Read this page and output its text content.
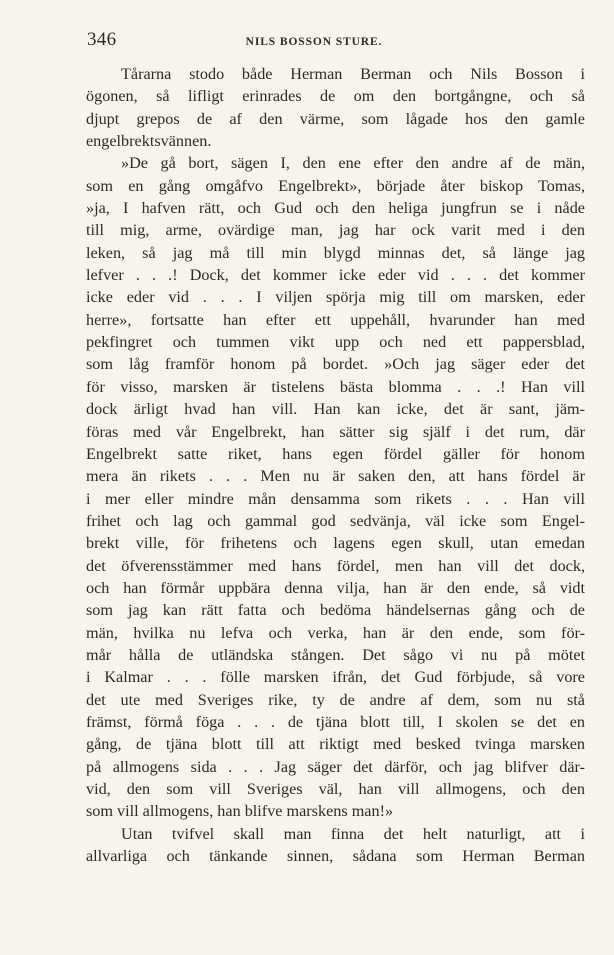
346	NILS BOSSON STURE.
Tårarna stodo både Herman Berman och Nils Bosson i
ögonen, så lifligt erinrades de om den bortgångne, och så
djupt grepos de af den värme, som lågade hos den gamle
engelbrektsvännen.
»De gå bort, sägen I, den ene efter den andre af de män,
som en gång omgåfvo Engelbrekt», började åter biskop Tomas,
»ja, I hafven rätt, och Gud och den heliga jungfrun se i nåde
till mig, arme, ovärdige man, jag har ock varit med i den
leken, så jag må till min blygd minnas det, så länge jag
lefver . . .! Dock, det kommer icke eder vid . . . det kommer
icke eder vid . . . I viljen spörja mig till om marsken, eder
herre», fortsatte han efter ett uppehåll, hvarunder han med
pekfingret och tummen vikt upp och ned ett pappersblad,
som låg framför honom på bordet. »Och jag säger eder det
för visso, marsken är tistelens bästa blomma . . .! Han vill
dock ärligt hvad han vill. Han kan icke, det är sant, jäm-
föras med vår Engelbrekt, han sätter sig själf i det rum, där
Engelbrekt satte riket, hans egen fördel gäller för honom
mera än rikets . . . Men nu är saken den, att hans fördel är
i mer eller mindre mån densamma som rikets . . . Han vill
frihet och lag och gammal god sedvänja, väl icke som Engel-
brekt ville, för frihetens och lagens egen skull, utan emedan
det öfverensstämmer med hans fördel, men han vill det dock,
och han förmår uppbära denna vilja, han är den ende, så vidt
som jag kan rätt fatta och bedöma händelsernas gång och de
män, hvilka nu lefva och verka, han är den ende, som för-
mår hålla de utländska stången. Det sågo vi nu på mötet
i Kalmar . . . fölle marsken ifrån, det Gud förbjude, så vore
det ute med Sveriges rike, ty de andre af dem, som nu stå
främst, förmå föga . . . de tjäna blott till, I skolen se det en
gång, de tjäna blott till att riktigt med besked tvinga marsken
på allmogens sida . . . Jag säger det därför, och jag blifver där-
vid, den som vill Sveriges väl, han vill allmogens, och den
som vill allmogens, han blifve marskens man!»
Utan tvifvel skall man finna det helt naturligt, att i
allvarliga och tänkande sinnen, sådana som Herman Berman
